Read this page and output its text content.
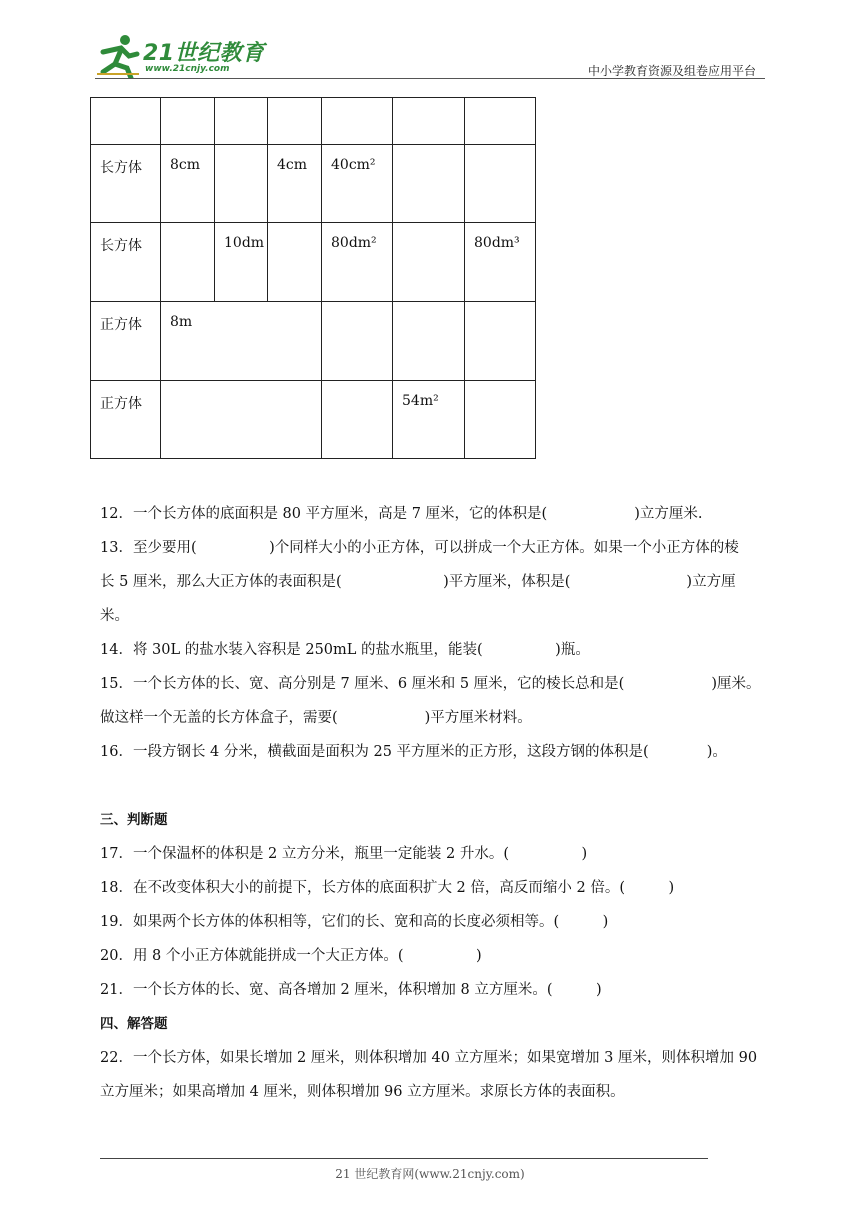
21世纪教育
www.21cnjy.com	中小学教育资源及组卷应用平台

长方体	8cm		4cm	40cm²		

长方体		10dm		80dm²		80dm³

正方体	8m					

正方体					54m²	

12．一个长方体的底面积是 80 平方厘米，高是 7 厘米，它的体积是(　　　　　　)立方厘米.

13．至少要用(　　　　　)个同样大小的小正方体，可以拼成一个大正方体。如果一个小正方体的棱

长 5 厘米，那么大正方体的表面积是(　　　　　　　)平方厘米，体积是(　　　　　　　　)立方厘

米。

14．将 30L 的盐水装入容积是 250mL 的盐水瓶里，能装(　　　　　)瓶。

15．一个长方体的长、宽、高分别是 7 厘米、6 厘米和 5 厘米，它的棱长总和是(　　　　　　)厘米。

做这样一个无盖的长方体盒子，需要(　　　　　　)平方厘米材料。

16．一段方钢长 4 分米，横截面是面积为 25 平方厘米的正方形，这段方钢的体积是(　　　　)。

三、判断题

17．一个保温杯的体积是 2 立方分米，瓶里一定能装 2 升水。(　　　　　)

18．在不改变体积大小的前提下，长方体的底面积扩大 2 倍，高反而缩小 2 倍。(　　　)

19．如果两个长方体的体积相等，它们的长、宽和高的长度必须相等。(　　　)

20．用 8 个小正方体就能拼成一个大正方体。(　　　　　)

21．一个长方体的长、宽、高各增加 2 厘米，体积增加 8 立方厘米。(　　　)

四、解答题

22．一个长方体，如果长增加 2 厘米，则体积增加 40 立方厘米；如果宽增加 3 厘米，则体积增加 90

立方厘米；如果高增加 4 厘米，则体积增加 96 立方厘米。求原长方体的表面积。

21 世纪教育网(www.21cnjy.com)
